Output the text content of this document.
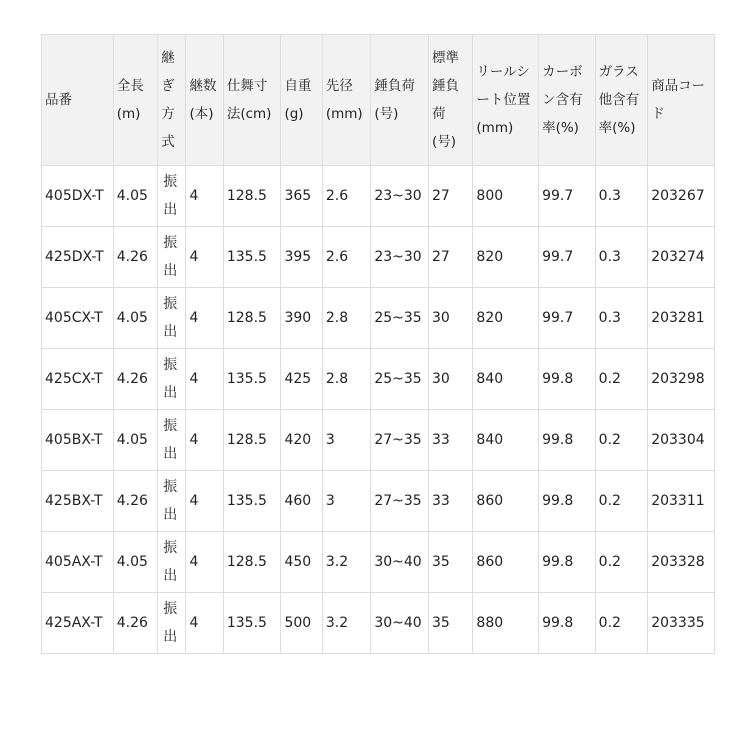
品番	全長(m)	継ぎ方式	継数(本)	仕舞寸法(cm)	自重(g)	先径(mm)	錘負荷(号)	標準錘負荷(号)	リールシート位置(mm)	カーボン含有率(%)	ガラス他含有率(%)	商品コード
405DX-T	4.05	振出	4	128.5	365	2.6	23~30	27	800	99.7	0.3	203267
425DX-T	4.26	振出	4	135.5	395	2.6	23~30	27	820	99.7	0.3	203274
405CX-T	4.05	振出	4	128.5	390	2.8	25~35	30	820	99.7	0.3	203281
425CX-T	4.26	振出	4	135.5	425	2.8	25~35	30	840	99.8	0.2	203298
405BX-T	4.05	振出	4	128.5	420	3	27~35	33	840	99.8	0.2	203304
425BX-T	4.26	振出	4	135.5	460	3	27~35	33	860	99.8	0.2	203311
405AX-T	4.05	振出	4	128.5	450	3.2	30~40	35	860	99.8	0.2	203328
425AX-T	4.26	振出	4	135.5	500	3.2	30~40	35	880	99.8	0.2	203335
